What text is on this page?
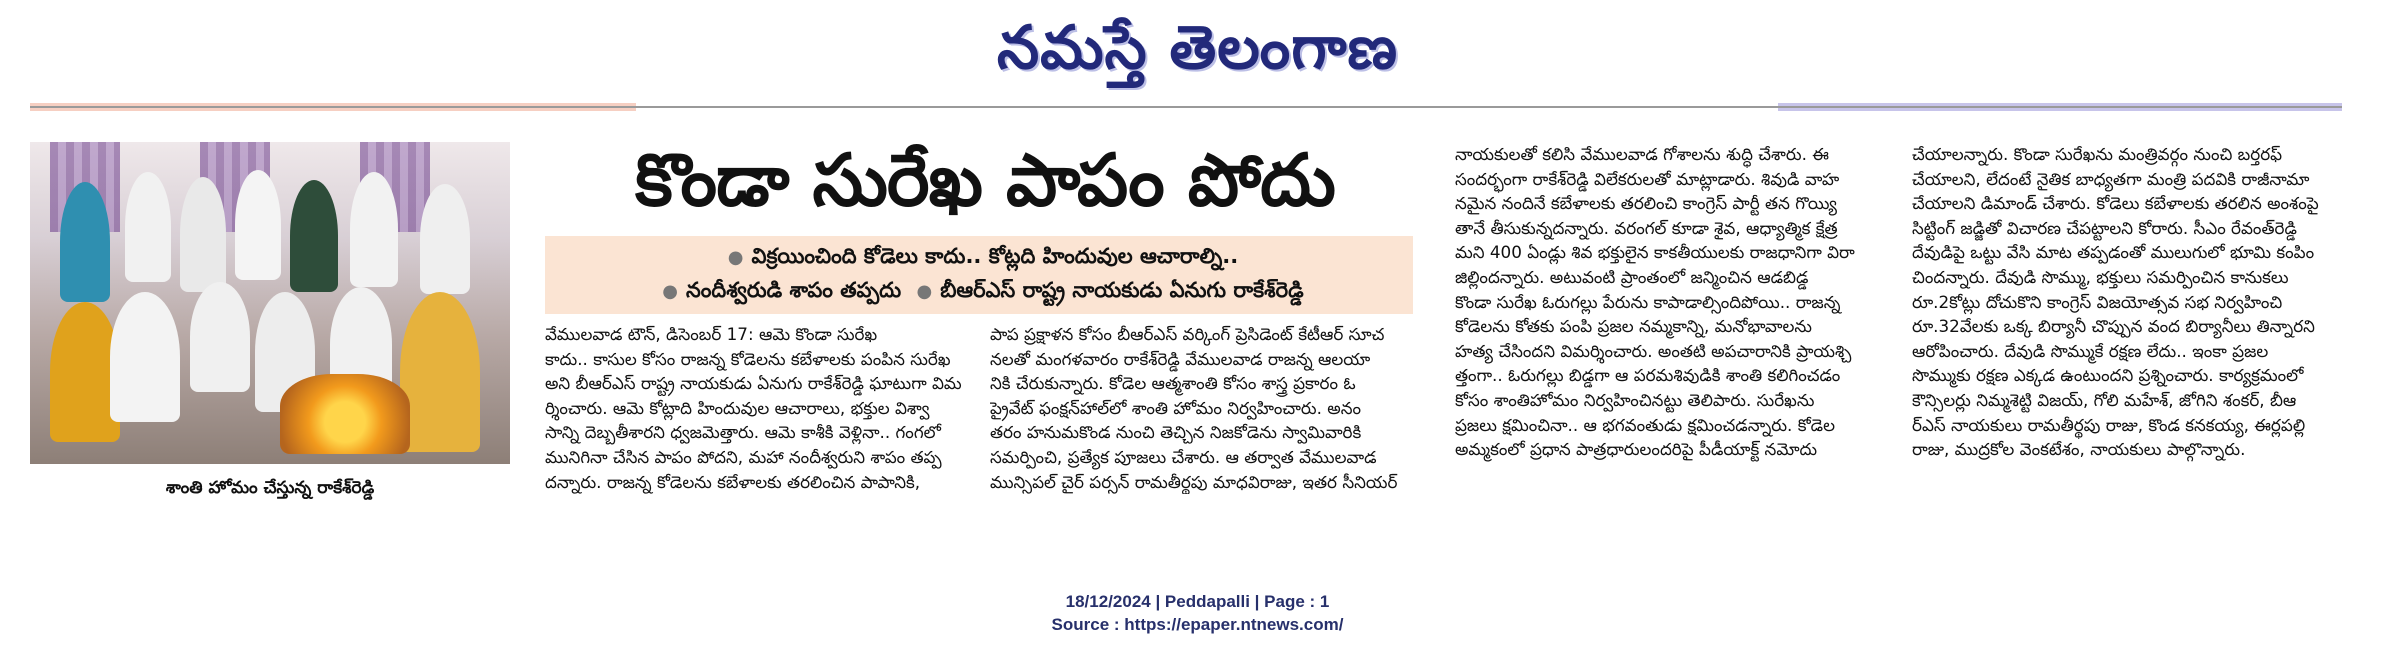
నమస్తే తెలంగాణ
శాంతి హోమం చేస్తున్న రాకేశ్‌రెడ్డి
కొండా సురేఖ పాపం పోదు
● విక్రయించింది కోడెలు కాదు.. కోట్లది హిందువుల ఆచారాల్ని..
● నందీశ్వరుడి శాపం తప్పదు ● బీఆర్‌ఎస్‌ రాష్ట్ర నాయకుడు ఏనుగు రాకేశ్‌రెడ్డి
వేములవాడ టౌన్‌, డిసెంబర్‌ 17: ఆమె కొండా సురేఖ
కాదు.. కాసుల కోసం రాజన్న కోడెలను కబేళాలకు పంపిన సురేఖ
అని బీఆర్‌ఎస్‌ రాష్ట్ర నాయకుడు ఏనుగు రాకేశ్‌రెడ్డి ఘాటుగా విమ
ర్శించారు. ఆమె కోట్లాది హిందువుల ఆచారాలు, భక్తుల విశ్వా
సాన్ని దెబ్బతీశారని ధ్వజమెత్తారు. ఆమె కాశీకి వెళ్లినా.. గంగలో
మునిగినా చేసిన పాపం పోదని, మహా నందీశ్వరుని శాపం తప్ప
దన్నారు. రాజన్న కోడెలను కబేళాలకు తరలించిన పాపానికి,
పాప ప్రక్షాళన కోసం బీఆర్‌ఎస్‌ వర్కింగ్‌ ప్రెసిడెంట్‌ కేటీఆర్‌ సూచ
నలతో మంగళవారం రాకేశ్‌రెడ్డి వేములవాడ రాజన్న ఆలయా
నికి చేరుకున్నారు. కోడెల ఆత్మశాంతి కోసం శాస్త్ర ప్రకారం ఓ
ప్రైవేట్‌ ఫంక్షన్‌హాల్‌లో శాంతి హోమం నిర్వహించారు. అనం
తరం హనుమకొండ నుంచి తెచ్చిన నిజకోడెను స్వామివారికి
సమర్పించి, ప్రత్యేక పూజలు చేశారు. ఆ తర్వాత వేములవాడ
మున్సిపల్‌ చైర్‌ పర్సన్‌ రామతీర్థపు మాధవిరాజు, ఇతర సీనియర్‌
నాయకులతో కలిసి వేములవాడ గోశాలను శుద్ధి చేశారు. ఈ
సందర్భంగా రాకేశ్‌రెడ్డి విలేకరులతో మాట్లాడారు. శివుడి వాహ
నమైన నందినే కబేళాలకు తరలించి కాంగ్రెస్‌ పార్టీ తన గొయ్యి
తానే తీసుకున్నదన్నారు. వరంగల్‌ కూడా శైవ, ఆధ్యాత్మిక క్షేత్ర
మని 400 ఏండ్లు శివ భక్తులైన కాకతీయులకు రాజధానిగా విరా
జిల్లిందన్నారు. అటువంటి ప్రాంతంలో జన్మించిన ఆడబిడ్డ
కొండా సురేఖ ఓరుగల్లు పేరును కాపాడాల్సిందిపోయి.. రాజన్న
కోడెలను కోతకు పంపి ప్రజల నమ్మకాన్ని, మనోభావాలను
హత్య చేసిందని విమర్శించారు. అంతటి అపచారానికి ప్రాయశ్చి
త్తంగా.. ఓరుగల్లు బిడ్డగా ఆ పరమశివుడికి శాంతి కలిగించడం
కోసం శాంతిహోమం నిర్వహించినట్టు తెలిపారు. సురేఖను
ప్రజలు క్షమించినా.. ఆ భగవంతుడు క్షమించడన్నారు. కోడెల
అమ్మకంలో ప్రధాన పాత్రధారులందరిపై పీడీయాక్ట్‌ నమోదు
చేయాలన్నారు. కొండా సురేఖను మంత్రివర్గం నుంచి బర్తరఫ్‌
చేయాలని, లేదంటే నైతిక బాధ్యతగా మంత్రి పదవికి రాజీనామా
చేయాలని డిమాండ్‌ చేశారు. కోడెలు కబేళాలకు తరలిన అంశంపై
సిట్టింగ్‌ జడ్జితో విచారణ చేపట్టాలని కోరారు. సీఎం రేవంత్‌రెడ్డి
దేవుడిపై ఒట్టు వేసి మాట తప్పడంతో ములుగులో భూమి కంపిం
చిందన్నారు. దేవుడి సొమ్ము, భక్తులు సమర్పించిన కానుకలు
రూ.2కోట్లు దోచుకొని కాంగ్రెస్‌ విజయోత్సవ సభ నిర్వహించి
రూ.32వేలకు ఒక్క బిర్యానీ చొప్పున వంద బిర్యానీలు తిన్నారని
ఆరోపించారు. దేవుడి సొమ్ముకే రక్షణ లేదు.. ఇంకా ప్రజల
సొమ్ముకు రక్షణ ఎక్కడ ఉంటుందని ప్రశ్నించారు. కార్యక్రమంలో
కౌన్సిలర్లు నిమ్మశెట్టి విజయ్‌, గోలి మహేశ్‌, జోగిని శంకర్‌, బీఆ
ర్‌ఎస్‌ నాయకులు రామతీర్థపు రాజు, కొండ కనకయ్య, ఈర్లపల్లి
రాజు, ముద్రకోల వెంకటేశం, నాయకులు పాల్గొన్నారు.
18/12/2024 | Peddapalli | Page : 1
Source : https://epaper.ntnews.com/
